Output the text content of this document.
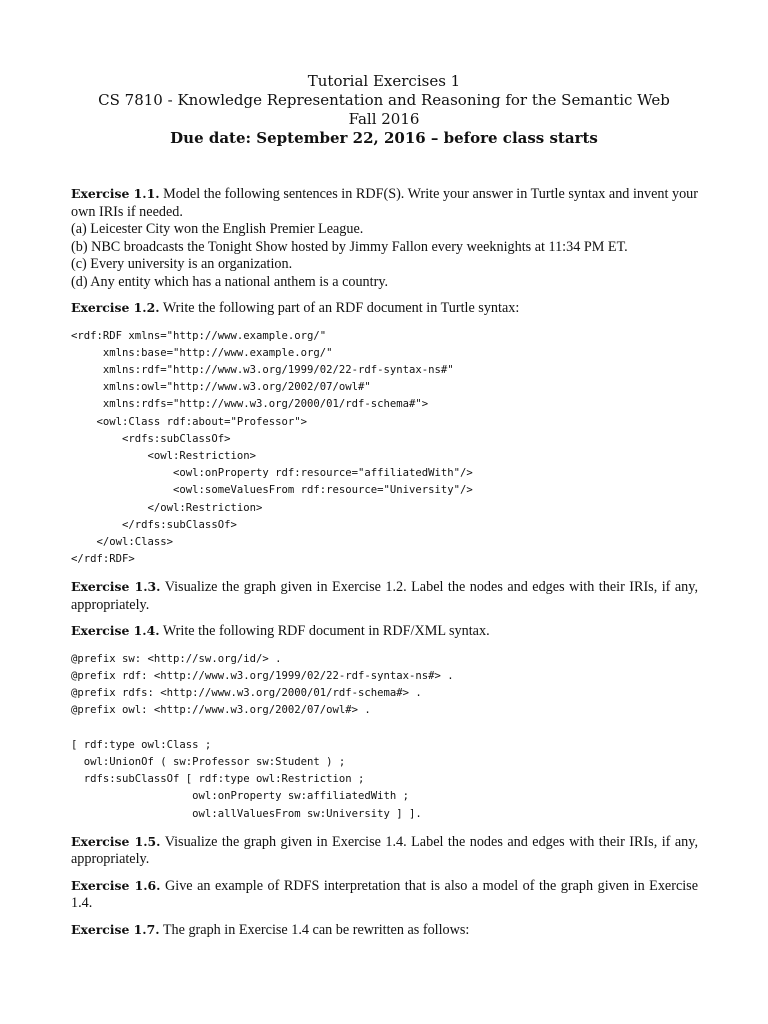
Tutorial Exercises 1
CS 7810 - Knowledge Representation and Reasoning for the Semantic Web
Fall 2016
Due date: September 22, 2016 – before class starts

Exercise 1.1. Model the following sentences in RDF(S). Write your answer in Turtle syntax and invent your own IRIs if needed.

(a) Leicester City won the English Premier League.
(b) NBC broadcasts the Tonight Show hosted by Jimmy Fallon every weeknights at 11:34 PM ET.
(c) Every university is an organization.
(d) Any entity which has a national anthem is a country.

Exercise 1.2. Write the following part of an RDF document in Turtle syntax:

<rdf:RDF xmlns="http://www.example.org/"
xmlns:base="http://www.example.org/"
xmlns:rdf="http://www.w3.org/1999/02/22-rdf-syntax-ns#"
xmlns:owl="http://www.w3.org/2002/07/owl#"
xmlns:rdfs="http://www.w3.org/2000/01/rdf-schema#">
<owl:Class rdf:about="Professor">
<rdfs:subClassOf>
<owl:Restriction>
<owl:onProperty rdf:resource="affiliatedWith"/>
<owl:someValuesFrom rdf:resource="University"/>
</owl:Restriction>
</rdfs:subClassOf>
</owl:Class>
</rdf:RDF>

Exercise 1.3. Visualize the graph given in Exercise 1.2. Label the nodes and edges with their IRIs, if any, appropriately.

Exercise 1.4. Write the following RDF document in RDF/XML syntax.

@prefix sw: <http://sw.org/id/> .
@prefix rdf: <http://www.w3.org/1999/02/22-rdf-syntax-ns#> .
@prefix rdfs: <http://www.w3.org/2000/01/rdf-schema#> .
@prefix owl: <http://www.w3.org/2002/07/owl#> .
[ rdf:type owl:Class ;
owl:UnionOf ( sw:Professor sw:Student ) ;
rdfs:subClassOf [ rdf:type owl:Restriction ;
owl:onProperty sw:affiliatedWith ;
owl:allValuesFrom sw:University ] ].

Exercise 1.5. Visualize the graph given in Exercise 1.4. Label the nodes and edges with their IRIs, if any, appropriately.

Exercise 1.6. Give an example of RDFS interpretation that is also a model of the graph given in Exercise 1.4.

Exercise 1.7. The graph in Exercise 1.4 can be rewritten as follows:
